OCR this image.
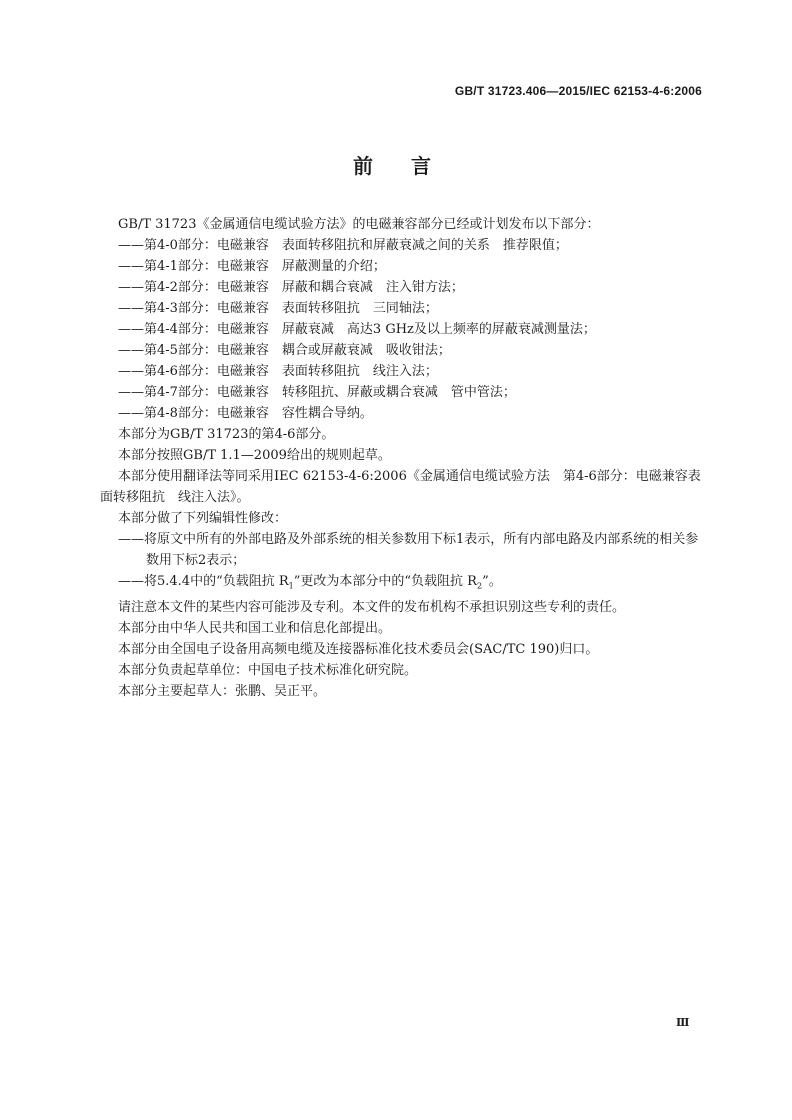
GB/T 31723.406—2015/IEC 62153-4-6:2006
前言
GB/T 31723《金属通信电缆试验方法》的电磁兼容部分已经或计划发布以下部分：
——第4-0部分：电磁兼容　表面转移阻抗和屏蔽衰减之间的关系　推荐限值；
——第4-1部分：电磁兼容　屏蔽测量的介绍；
——第4-2部分：电磁兼容　屏蔽和耦合衰减　注入钳方法；
——第4-3部分：电磁兼容　表面转移阻抗　三同轴法；
——第4-4部分：电磁兼容　屏蔽衰减　高达3 GHz及以上频率的屏蔽衰减测量法；
——第4-5部分：电磁兼容　耦合或屏蔽衰减　吸收钳法；
——第4-6部分：电磁兼容　表面转移阻抗　线注入法；
——第4-7部分：电磁兼容　转移阻抗、屏蔽或耦合衰减　管中管法；
——第4-8部分：电磁兼容　容性耦合导纳。
本部分为GB/T 31723的第4-6部分。
本部分按照GB/T 1.1—2009给出的规则起草。
本部分使用翻译法等同采用IEC 62153-4-6:2006《金属通信电缆试验方法　第4-6部分：电磁兼容表面转移阻抗　线注入法》。
本部分做了下列编辑性修改：
——将原文中所有的外部电路及外部系统的相关参数用下标1表示，所有内部电路及内部系统的相关参数用下标2表示；
——将5.4.4中的“负载阻抗 $R_1$”更改为本部分中的“负载阻抗 $R_2$”。
请注意本文件的某些内容可能涉及专利。本文件的发布机构不承担识别这些专利的责任。
本部分由中华人民共和国工业和信息化部提出。
本部分由全国电子设备用高频电缆及连接器标准化技术委员会(SAC/TC 190)归口。
本部分负责起草单位：中国电子技术标准化研究院。
本部分主要起草人：张鹏、吴正平。
Ⅲ
